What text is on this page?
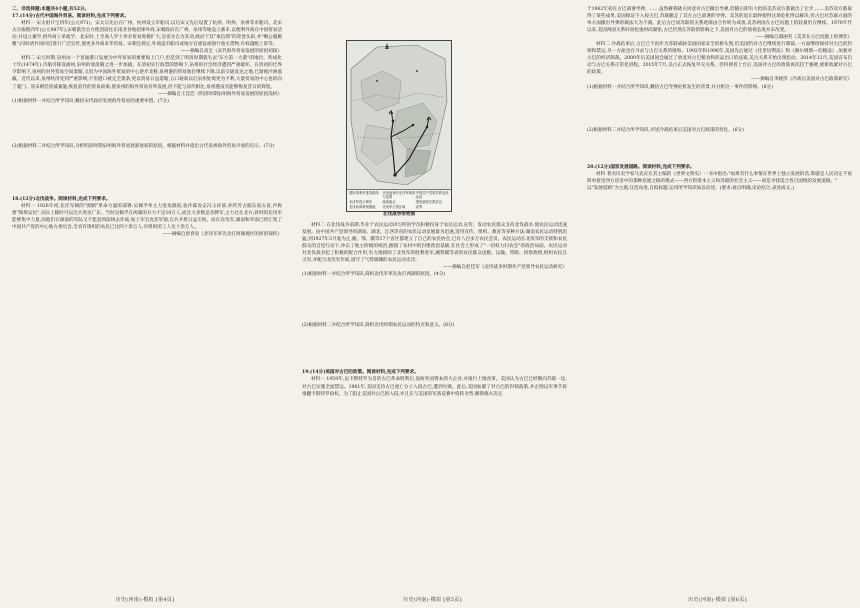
二、非选择题:本题共4小题,共52分。

17.(14分)古代中国海外贸易。阅读材料,完成下列要求。

材料一 宋太祖开宝四年(公元971)、宋太宗先后在广州、杭州设立市舶司,以后宋又先后设置了杭州、明州、泉州等市舶司。北宋太宗雍熙四年(公元987年),宋朝派出官方使团前往东南亚各地招徕外商,宋朝政府在广州、泉州等地设立蕃市,以便利外商在中国贸易活动,并设立蕃学,供外商子弟就学。北宋时,上至商人罗士奉争贸易规模扩大,皇帝亲自为其劝,政府于其"承信郎"的荣誉头衔,并"赐公服履靴";同时请共同回启进行广泛宣传,使更多外商来华贸易。宋朝还规定,外商违市舶司或地方官重征或强行收买货物,有权越级上诉等。

——摘编自高宏《宋代海外贸易发展的原因初探》

材料二 宋元时期,泉州由一个普通港口发展为中外贸易的重要海上门户,但是到了明清时期就失去"东方第一大港"的地位。明成化十年(1474年),市舶司移设福州,泉州的衰落随之进一步加剧。在清初实行海禁的影响下,泉州的社会经济遭到严重破坏。在清初的迁界令影响下,泉州的对外贸易空间萎缩,又因为中国海外贸易的中心逐步北移,泉州港的贸易地位继续下降,以前交通发达之地,已渐被沙洲遮蔽。近代以来,泉州经济受到严重影响,不但港口被完全萧条,更以贸易日益萎缩,五口通商以后泉州处境更为不利,大量贸易的中心也转向了厦门。清末朝廷恩威兼施,恢复前代的贸易政策,使泉州的海外贸易有所发展,但不能与前代相比,泉州港没有能够恢复昔日的辉煌。

——摘编自王佳恋《明清时期泉州海外贸易发展的原因浅析》

(1)根据材料一并结合所学知识,概括宋代政府发展海外贸易的重要举措。(7分)

(2)根据材料二并结合所学知识,分析明清时期泉州海外贸易逐渐衰弱的原因。根据材料并指出古代泉州海外贸易兴衰的启示。(7分)

18.(12分)北伐战争。阅读材料,完成下列要求。

材料一 1926年初,北洋军阀的"围剿"革命力量的部署:吴佩孚率主力进攻湖南,张作霖攻击冯玉祥部,孙传芳占据东南五省,声称要"保境安民",实际上随时可以出兵进攻广东。当时吴佩孚在两湖的兵力不足10万人,而且大多数是杂牌军,主力还在北方;蒋时的北伐军能够集中力量,而他们在湖南的军队又不愿意到前线去作战,加上军官克扣军饷,官兵矛盾日益尖锐。而在北伐军,湖南和华南已经汇集了中国共产党的中心地方委员会,全省有组织的农民已达四十余万人,有组织的工人达十余万人。

——摘编自唐春发《北伐军率先攻打两湖地区的原因探析》

历史(河南)·模拟 [第4页]
国民革命军进攻路线	北伐战争时北洋军阀势力范围
中国共产党领导的农民运动
北伐军攻占城市	战役地点	国民政府迁都武汉
北伐前革命根据地	北伐军占领区域	省界
北伐战争形势图

材料二 在北伐战争前期,毕业于农民运动讲习所的学员积极投身于农民运动,宣传、发动农民群众支持北伐战争,使农民运动迅速发展。由中国共产党领导的湖南、湖北、江西等省的农民运动发展最为迅速,适用宣传、组织、教育等多种方法;湖南农民运动特别迅猛,到1927年3月底为止,湘、鄂、赣等17个省区都建立了自己的农民协会,已有八百多万农民会员。农民运动在北伐军的支援和农民群众的自觉行动下,冲击了地主阶级的统治,摧毁了农村中的封建政治基础,在社会上形成了"一切权力归农会"的政治局面。农民运动对北伐战争起了积极的配合作用,有力地援助了北伐军的胜利进军,湘鄂赣等省的农民群众送粮、运输、带路、侦察敌情,组织农民自卫军,并配合北伐军作战,谱写了气势磅礴的农民运动史诗。

——摘编自赵佳军《北伐战争时期共产党领导农民运动研究》

(1)根据材料一并结合所学知识,简析北伐军率先攻打两湖的原因。(4分)

(2)根据材料二并结合所学知识,简析北伐时期农民运动的特点和意义。(8分)

19.(14分)美国对古巴的政策。阅读材料,完成下列要求。

材料一 1959年,以卡斯特罗为首的古巴革命胜利后,没收外国资本的大企业,并推行土地改革。美国认为古巴已经倒向苏联一边,对古巴实施全面禁运。1961年,美国支持古巴流亡分子入侵古巴,遭到失败。此后,美国加紧了对古巴的封锁政策,并企图以军事手段推翻卡斯特罗政权。为了阻止美国对古巴的入侵,并且在与美国的军备竞赛中扭转劣势,赫鲁晓夫决定

历史(河南)·模拟 [第5页]

于1962年初在古巴部署导弹。……虽然赫鲁晓夫同意对古巴撤出导弹,但随后即有大批的美苏双方都做出了让步,……美苏双方都取得了某些成果,美国保证不入侵古巴,苏联撤走了其在古巴部署的导弹。美苏的退让最终使得这场危机得以解决,但古巴对苏联方面的单方面撤出导弹的做法大为不满。此后古巴同苏联的关系逐渐由合作转为戒备,美苏两国在古巴问题上的较量仍在继续。1970年代以来,美国两国关系时而松弛时而紧张,古巴仍然在苏联的影响之下,美国对古巴的敌视态度并未改变。

——摘编自邵丽英《美苏在古巴问题上的博弈》

材料二 冷战结束后,古巴已不再作为苏联威胁美国国家安全的桥头堡,但美国仍对古巴继续进行制裁,一方面继续保持对古巴的封锁和禁运,另一方面也在寻求与古巴关系的缓和。1992年和1996年,美国先后通过《托里切利法》和《赫尔姆斯—伯顿法》,加强对古巴的经济制裁。2000年后美国国会通过了放宽对古巴粮食和药品出口的法案,美古关系开始出现松动。2014年12月,美国宣布启动与古巴关系正常化进程。2015年7月,美古正式恢复外交关系。但特朗普上台后,美国对古巴的政策再次趋于强硬,重新收紧对古巴的政策。

——摘编自李晓彤《冷战后美国对古巴政策研究》

(1)根据材料一并结合所学知识,概括古巴导弹危机发生的背景,并分析这一事件的影响。(8分)

(2)根据材料二并结合所学知识,评述冷战结束后美国对古巴政策的变化。(6分)

20.(12分)国家发展道路。阅读材料,完成下列要求。

材料 著名历史学家马克垚在其主编的《世界文明史》一书中指出:"如果有什么事情在世界上独立发展的话,那就是人民决定不再简单接受西方话语中的那种发展之路的模式——西方的资本主义和苏联的社会主义——而是寻找适合各自国情的发展道路。"

以"发展道路"为主题,任选角度,自拟标题,运用所学知识加以论述。(要求:观点明确,史论结合,表述成文。)

历史(河南)·模拟 [第6页]
